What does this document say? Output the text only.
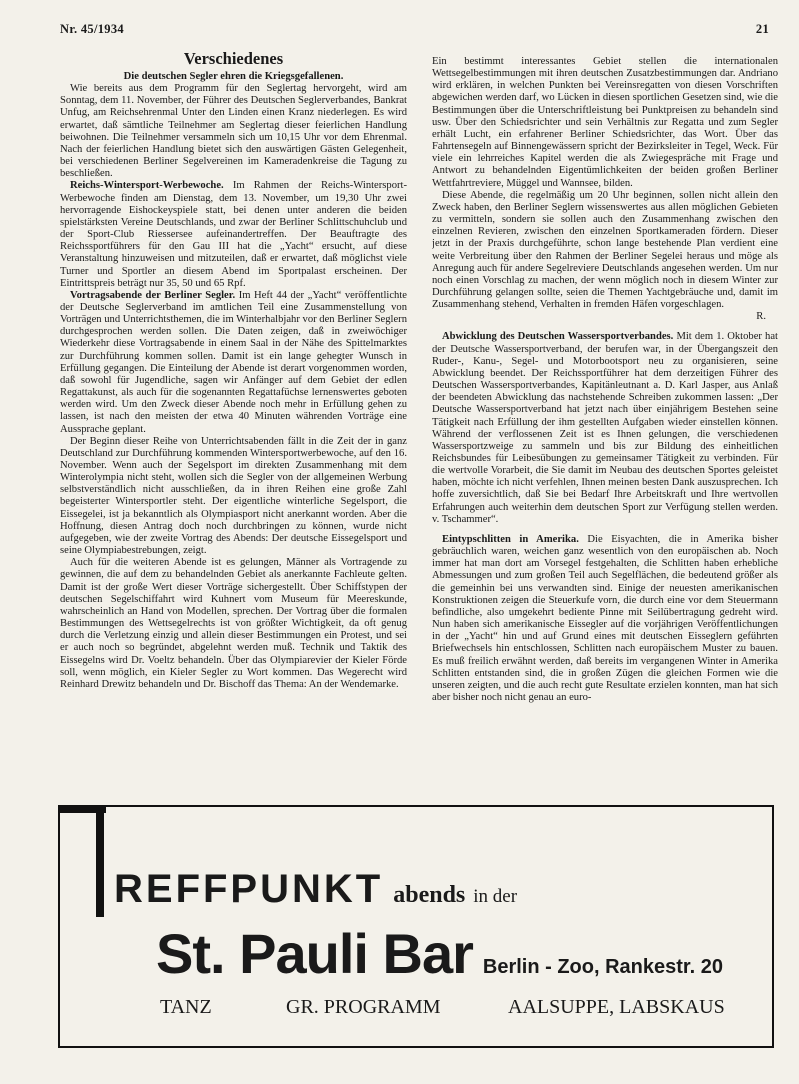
Nr. 45/1934	21
Verschiedenes

Die deutschen Segler ehren die Kriegsgefallenen.

Wie bereits aus dem Programm für den Seglertag hervorgeht, wird am Sonntag, dem 11. November, der Führer des Deutschen Seglerverbandes, Bankrat Unfug, am Reichsehrenmal Unter den Linden einen Kranz niederlegen. Es wird erwartet, daß sämtliche Teilnehmer am Seglertag dieser feierlichen Handlung beiwohnen. Die Teilnehmer versammeln sich um 10,15 Uhr vor dem Ehrenmal. Nach der feierlichen Handlung bietet sich den auswärtigen Gästen Gelegenheit, bei verschiedenen Berliner Segelvereinen im Kameradenkreise die Tagung zu beschließen.

Reichs-Wintersport-Werbewoche. Im Rahmen der Reichs-Wintersport-Werbewoche finden am Dienstag, dem 13. November, um 19,30 Uhr zwei hervorragende Eishockeyspiele statt, bei denen unter anderen die beiden spielstärksten Vereine Deutschlands, und zwar der Berliner Schlittschuhclub und der Sport-Club Riessersee aufeinandertreffen. Der Beauftragte des Reichssportführers für den Gau III hat die „Yacht“ ersucht, auf diese Veranstaltung hinzuweisen und mitzuteilen, daß er erwartet, daß möglichst viele Turner und Sportler an diesem Abend im Sportpalast erscheinen. Der Eintrittspreis beträgt nur 35, 50 und 65 Rpf.

Vortragsabende der Berliner Segler. Im Heft 44 der „Yacht“ veröffentlichte der Deutsche Seglerverband im amtlichen Teil eine Zusammenstellung von Vorträgen und Unterrichtsthemen, die im Winterhalbjahr vor den Berliner Seglern durchgesprochen werden sollen. Die Daten zeigen, daß in zweiwöchiger Wiederkehr diese Vortragsabende in einem Saal in der Nähe des Spittelmarktes zur Durchführung kommen sollen. Damit ist ein lange gehegter Wunsch in Erfüllung gegangen. Die Einteilung der Abende ist derart vorgenommen worden, daß sowohl für Jugendliche, sagen wir Anfänger auf dem Gebiet der edlen Regattakunst, als auch für die sogenannten Regattafüchse lernenswertes geboten werden wird. Um den Zweck dieser Abende noch mehr in Erfüllung gehen zu lassen, ist nach den meisten der etwa 40 Minuten währenden Vorträge eine Aussprache geplant.

Der Beginn dieser Reihe von Unterrichtsabenden fällt in die Zeit der in ganz Deutschland zur Durchführung kommenden Wintersportwerbewoche, auf den 16. November. Wenn auch der Segelsport im direkten Zusammenhang mit dem Winterolympia nicht steht, wollen sich die Segler von der allgemeinen Werbung selbstverständlich nicht ausschließen, da in ihren Reihen eine große Zahl begeisterter Wintersportler steht. Der eigentliche winterliche Segelsport, die Eissegelei, ist ja bekanntlich als Olympiasport nicht anerkannt worden. Aber die Hoffnung, diesen Antrag doch noch durchbringen zu können, wurde nicht aufgegeben, wie der zweite Vortrag des Abends: Der deutsche Eissegelsport und seine Olympiabestrebungen, zeigt.

Auch für die weiteren Abende ist es gelungen, Männer als Vortragende zu gewinnen, die auf dem zu behandelnden Gebiet als anerkannte Fachleute gelten. Damit ist der große Wert dieser Vorträge sichergestellt. Über Schiffstypen der deutschen Segelschiffahrt wird Kuhnert vom Museum für Meereskunde, wahrscheinlich an Hand von Modellen, sprechen. Der Vortrag über die formalen Bestimmungen des Wettsegelrechts ist von größter Wichtigkeit, da oft genug durch die Verletzung einzig und allein dieser Bestimmungen ein Protest, und sei er auch noch so begründet, abgelehnt werden muß. Technik und Taktik des Eissegelns wird Dr. Voeltz behandeln. Über das Olympiarevier der Kieler Förde soll, wenn möglich, ein Kieler Segler zu Wort kommen. Das Wegerecht wird Reinhard Drewitz behandeln und Dr. Bischoff das Thema: An der Wendemarke.

Ein bestimmt interessantes Gebiet stellen die internationalen Wettsegelbestimmungen mit ihren deutschen Zusatzbestimmungen dar. Andriano wird erklären, in welchen Punkten bei Vereinsregatten von diesen Vorschriften abgewichen werden darf, wo Lücken in diesen sportlichen Gesetzen sind, wie die Bestimmungen über die Unterschriftleistung bei Punktpreisen zu behandeln sind usw. Über den Schiedsrichter und sein Verhältnis zur Regatta und zum Segler erhält Lucht, ein erfahrener Berliner Schiedsrichter, das Wort. Über das Fahrtensegeln auf Binnengewässern spricht der Bezirksleiter in Tegel, Weck. Für viele ein lehrreiches Kapitel werden die als Zwiegespräche mit Frage und Antwort zu behandelnden Eigentümlichkeiten der beiden großen Berliner Wettfahrtreviere, Müggel und Wannsee, bilden.

Diese Abende, die regelmäßig um 20 Uhr beginnen, sollen nicht allein den Zweck haben, den Berliner Seglern wissenswertes aus allen möglichen Gebieten zu vermitteln, sondern sie sollen auch den Zusammenhang zwischen den einzelnen Revieren, zwischen den einzelnen Sportkameraden fördern. Dieser jetzt in der Praxis durchgeführte, schon lange bestehende Plan verdient eine weite Verbreitung über den Rahmen der Berliner Segelei heraus und möge als Anregung auch für andere Segelreviere Deutschlands angesehen werden. Um nur noch einen Vorschlag zu machen, der wenn möglich noch in diesem Winter zur Durchführung gelangen sollte, seien die Themen Yachtgebräuche und, damit im Zusammenhang stehend, Verhalten in fremden Häfen vorgeschlagen.

R.

Abwicklung des Deutschen Wassersportverbandes. Mit dem 1. Oktober hat der Deutsche Wassersportverband, der berufen war, in der Übergangszeit den Ruder-, Kanu-, Segel- und Motorbootsport neu zu organisieren, seine Abwicklung beendet. Der Reichssportführer hat dem derzeitigen Führer des Deutschen Wassersportverbandes, Kapitänleutnant a. D. Karl Jasper, aus Anlaß der beendeten Abwicklung das nachstehende Schreiben zukommen lassen: „Der Deutsche Wassersportverband hat jetzt nach über einjährigem Bestehen seine Tätigkeit nach Erfüllung der ihm gestellten Aufgaben wieder einstellen können. Während der verflossenen Zeit ist es Ihnen gelungen, die verschiedenen Wassersportzweige zu sammeln und bis zur Bildung des einheitlichen Reichsbundes für Leibesübungen zu gemeinsamer Tätigkeit zu verbinden. Für die wertvolle Vorarbeit, die Sie damit im Neubau des deutschen Sportes geleistet haben, möchte ich nicht verfehlen, Ihnen meinen besten Dank auszusprechen. Ich hoffe zuversichtlich, daß Sie bei Bedarf Ihre Arbeitskraft und Ihre wertvollen Erfahrungen auch weiterhin dem deutschen Sport zur Verfügung stellen werden. v. Tschammer“.

Eintypschlitten in Amerika. Die Eisyachten, die in Amerika bisher gebräuchlich waren, weichen ganz wesentlich von den europäischen ab. Noch immer hat man dort am Vorsegel festgehalten, die Schlitten haben erhebliche Abmessungen und zum großen Teil auch Segelflächen, die bedeutend größer als die gemeinhin bei uns verwandten sind. Einige der neuesten amerikanischen Konstruktionen zeigen die Steuerkufe vorn, die durch eine vor dem Steuermann befindliche, also umgekehrt bediente Pinne mit Seilübertragung gedreht wird. Nun haben sich amerikanische Eissegler auf die vorjährigen Veröffentlichungen in der „Yacht“ hin und auf Grund eines mit deutschen Eisseglern geführten Briefwechsels hin entschlossen, Schlitten nach europäischem Muster zu bauen. Es muß freilich erwähnt werden, daß bereits im vergangenen Winter in Amerika Schlitten entstanden sind, die in großen Zügen die gleichen Formen wie die unseren zeigten, und die auch recht gute Resultate erzielen konnten, man hat sich aber bisher noch nicht genau an euro-

REFFPUNKT abends in der
St. Pauli Bar Berlin - Zoo, Rankestr. 20
TANZ	GR. PROGRAMM	AALSUPPE, LABSKAUS
